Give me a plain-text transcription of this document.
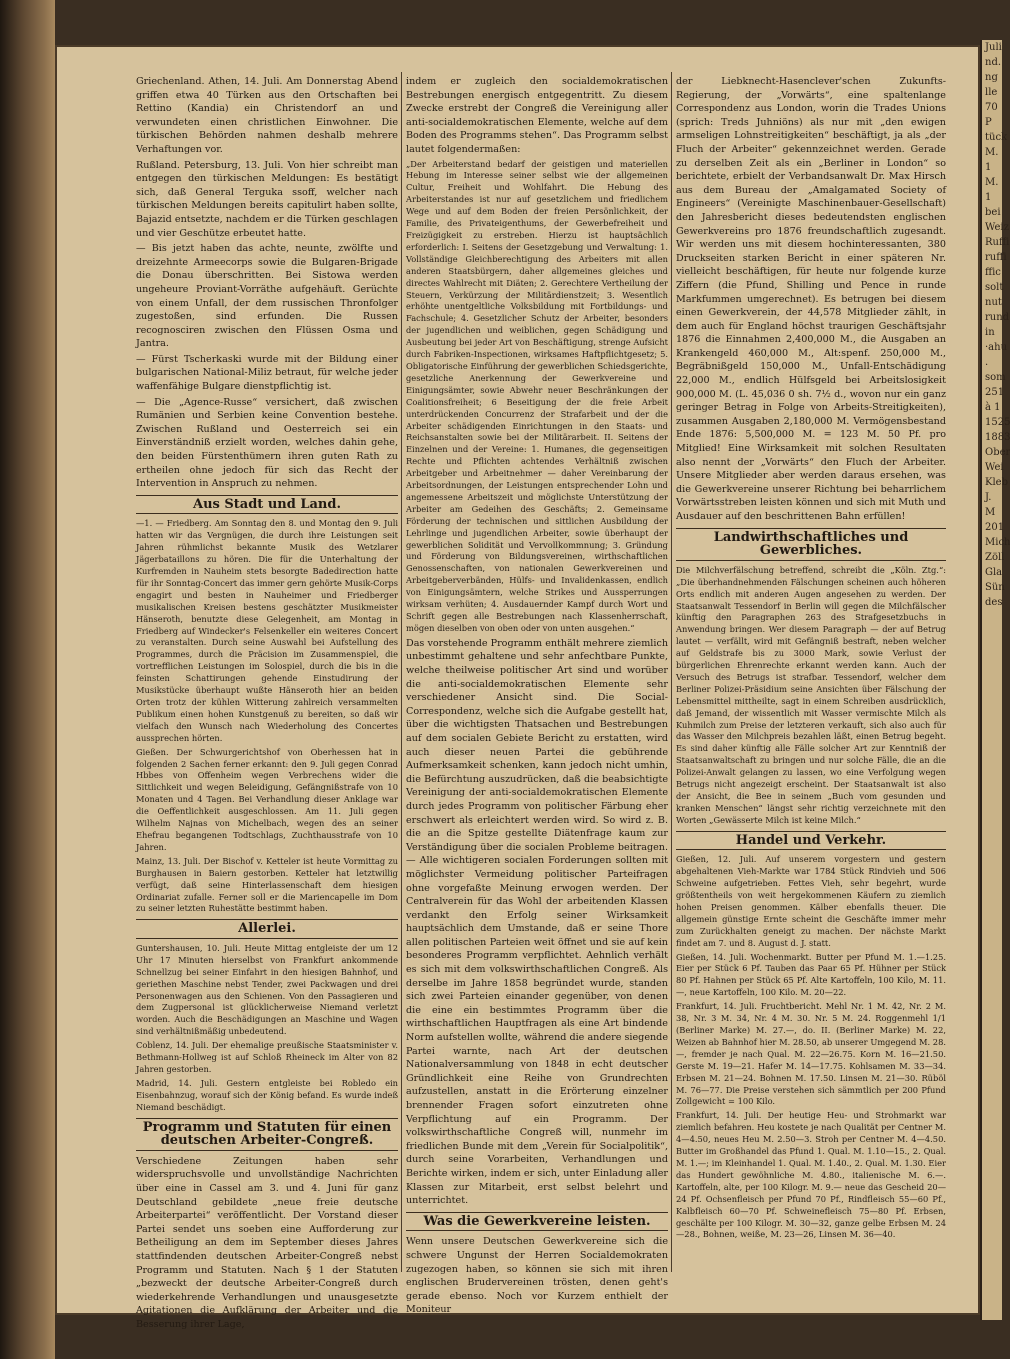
Juli
nd.
ng
lle
70 P
tück
M. 1
M. 1
bei
Weiz
Ruffi
ruffi
ffic
solt
nut
rund
in
·ahu
.
som
251
à 1
1525
1883
Ober
Wei
Kleb
J.
M
201
Mich
Zöll
Gla
Sün
des

Griechenland. Athen, 14. Juli. Am Donnerstag Abend griffen etwa 40 Türken aus den Ortschaften bei Rettino (Kandia) ein Christendorf an und verwundeten einen christlichen Einwohner. Die türkischen Behörden nahmen deshalb mehrere Verhaftungen vor.

Rußland. Petersburg, 13. Juli. Von hier schreibt man entgegen den türkischen Meldungen: Es bestätigt sich, daß General Terguka ssoff, welcher nach türkischen Meldungen bereits capitulirt haben sollte, Bajazid entsetzte, nachdem er die Türken geschlagen und vier Geschütze erbeutet hatte.

— Bis jetzt haben das achte, neunte, zwölfte und dreizehnte Armeecorps sowie die Bulgaren-Brigade die Donau überschritten. Bei Sistowa werden ungeheure Proviant-Vorräthe aufgehäuft. Gerüchte von einem Unfall, der dem russischen Thronfolger zugestoßen, sind erfunden. Die Russen recognosciren zwischen den Flüssen Osma und Jantra.

— Fürst Tscherkaski wurde mit der Bildung einer bulgarischen National-Miliz betraut, für welche jeder waffenfähige Bulgare dienstpflichtig ist.

— Die „Agence-Russe“ versichert, daß zwischen Rumänien und Serbien keine Convention bestehe. Zwischen Rußland und Oesterreich sei ein Einverständniß erzielt worden, welches dahin gehe, den beiden Fürstenthümern ihren guten Rath zu ertheilen ohne jedoch für sich das Recht der Intervention in Anspruch zu nehmen.

Aus Stadt und Land.

—1. — Friedberg. Am Sonntag den 8. und Montag den 9. Juli hatten wir das Vergnügen, die durch ihre Leistungen seit Jahren rühmlichst bekannte Musik des Wetzlarer Jägerbataillons zu hören. Die für die Unterhaltung der Kurfremden in Nauheim stets besorgte Badedirection hatte für ihr Sonntag-Concert das immer gern gehörte Musik-Corps engagirt und besten in Nauheimer und Friedberger musikalischen Kreisen bestens geschätzter Musikmeister Hänseroth, benutzte diese Gelegenheit, am Montag in Friedberg auf Windecker's Felsenkeller ein weiteres Concert zu veranstalten. Durch seine Auswahl bei Aufstellung des Programmes, durch die Präcision im Zusammenspiel, die vortrefflichen Leistungen im Solospiel, durch die bis in die feinsten Schattirungen gehende Einstudirung der Musikstücke überhaupt wußte Hänseroth hier an beiden Orten trotz der kühlen Witterung zahlreich versammelten Publikum einen hohen Kunstgenuß zu bereiten, so daß wir vielfach den Wunsch nach Wiederholung des Concertes aussprechen hörten.

Gießen. Der Schwurgerichtshof von Oberhessen hat in folgenden 2 Sachen ferner erkannt: den 9. Juli gegen Conrad Hbbes von Offenheim wegen Verbrechens wider die Sittlichkeit und wegen Beleidigung, Gefängnißstrafe von 10 Monaten und 4 Tagen. Bei Verhandlung dieser Anklage war die Oeffentlichkeit ausgeschlossen. Am 11. Juli gegen Wilhelm Najnas von Michelbach, wegen des an seiner Ehefrau begangenen Todtschlags, Zuchthausstrafe von 10 Jahren.

Mainz, 13. Juli. Der Bischof v. Ketteler ist heute Vormittag zu Burghausen in Baiern gestorben. Ketteler hat letztwillig verfügt, daß seine Hinterlassenschaft dem hiesigen Ordinariat zufalle. Ferner soll er die Mariencapelle im Dom zu seiner letzten Ruhestätte bestimmt haben.

Allerlei.

Guntershausen, 10. Juli. Heute Mittag entgleiste der um 12 Uhr 17 Minuten hierselbst von Frankfurt ankommende Schnellzug bei seiner Einfahrt in den hiesigen Bahnhof, und geriethen Maschine nebst Tender, zwei Packwagen und drei Personenwagen aus den Schienen. Von den Passagieren und dem Zugpersonal ist glücklicherweise Niemand verletzt worden. Auch die Beschädigungen an Maschine und Wagen sind verhältnißmäßig unbedeutend.

Coblenz, 14. Juli. Der ehemalige preußische Staatsminister v. Bethmann-Hollweg ist auf Schloß Rheineck im Alter von 82 Jahren gestorben.

Madrid, 14. Juli. Gestern entgleiste bei Robledo ein Eisenbahnzug, worauf sich der König befand. Es wurde indeß Niemand beschädigt.

Programm und Statuten für einen deutschen Arbeiter-Congreß.

Verschiedene Zeitungen haben sehr widerspruchsvolle und unvollständige Nachrichten über eine in Cassel am 3. und 4. Juni für ganz Deutschland gebildete „neue freie deutsche Arbeiterpartei“ veröffentlicht. Der Vorstand dieser Partei sendet uns soeben eine Aufforderung zur Betheiligung an dem im September dieses Jahres stattfindenden deutschen Arbeiter-Congreß nebst Programm und Statuten. Nach § 1 der Statuten „bezweckt der deutsche Arbeiter-Congreß durch wiederkehrende Verhandlungen und unausgesetzte Agitationen die Aufklärung der Arbeiter und die Besserung ihrer Lage,

indem er zugleich den socialdemokratischen Bestrebungen energisch entgegentritt. Zu diesem Zwecke erstrebt der Congreß die Vereinigung aller anti-socialdemokratischen Elemente, welche auf dem Boden des Programms stehen“. Das Programm selbst lautet folgendermaßen:

„Der Arbeiterstand bedarf der geistigen und materiellen Hebung im Interesse seiner selbst wie der allgemeinen Cultur, Freiheit und Wohlfahrt. Die Hebung des Arbeiterstandes ist nur auf gesetzlichem und friedlichem Wege und auf dem Boden der freien Persönlichkeit, der Familie, des Privateigenthums, der Gewerbefreiheit und Freizügigkeit zu erstreben. Hierzu ist hauptsächlich erforderlich: I. Seitens der Gesetzgebung und Verwaltung: 1. Vollständige Gleichberechtigung des Arbeiters mit allen anderen Staatsbürgern, daher allgemeines gleiches und directes Wahlrecht mit Diäten; 2. Gerechtere Vertheilung der Steuern, Verkürzung der Militärdienstzeit; 3. Wesentlich erhöhte unentgeltliche Volksbildung mit Fortbildungs- und Fachschule; 4. Gesetzlicher Schutz der Arbeiter, besonders der jugendlichen und weiblichen, gegen Schädigung und Ausbeutung bei jeder Art von Beschäftigung, strenge Aufsicht durch Fabriken-Inspectionen, wirksames Haftpflichtgesetz; 5. Obligatorische Einführung der gewerblichen Schiedsgerichte, gesetzliche Anerkennung der Gewerkvereine und Einigungsämter, sowie Abwehr neuer Beschränkungen der Coalitionsfreiheit; 6 Beseitigung der die freie Arbeit unterdrückenden Concurrenz der Strafarbeit und der die Arbeiter schädigenden Einrichtungen in den Staats- und Reichsanstalten sowie bei der Militärarbeit. II. Seitens der Einzelnen und der Vereine: 1. Humanes, die gegenseitigen Rechte und Pflichten achtendes Verhältniß zwischen Arbeitgeber und Arbeitnehmer — daher Vereinbarung der Arbeitsordnungen, der Leistungen entsprechender Lohn und angemessene Arbeitszeit und möglichste Unterstützung der Arbeiter am Gedeihen des Geschäfts; 2. Gemeinsame Förderung der technischen und sittlichen Ausbildung der Lehrlinge und jugendlichen Arbeiter, sowie überhaupt der gewerblichen Solidität und Vervollkommnung; 3. Gründung und Förderung von Bildungsvereinen, wirthschaftlichen Genossenschaften, von nationalen Gewerkvereinen und Arbeitgeberverbänden, Hülfs- und Invalidenkassen, endlich von Einigungsämtern, welche Strikes und Aussperrungen wirksam verhüten; 4. Ausdauernder Kampf durch Wort und Schrift gegen alle Bestrebungen nach Klassenherrschaft, mögen dieselben von oben oder von unten ausgehen.“

Das vorstehende Programm enthält mehrere ziemlich unbestimmt gehaltene und sehr anfechtbare Punkte, welche theilweise politischer Art sind und worüber die anti-socialdemokratischen Elemente sehr verschiedener Ansicht sind. Die Social-Correspondenz, welche sich die Aufgabe gestellt hat, über die wichtigsten Thatsachen und Bestrebungen auf dem socialen Gebiete Bericht zu erstatten, wird auch dieser neuen Partei die gebührende Aufmerksamkeit schenken, kann jedoch nicht umhin, die Befürchtung auszudrücken, daß die beabsichtigte Vereinigung der anti-socialdemokratischen Elemente durch jedes Programm von politischer Färbung eher erschwert als erleichtert werden wird. So wird z. B. die an die Spitze gestellte Diätenfrage kaum zur Verständigung über die socialen Probleme beitragen. — Alle wichtigeren socialen Forderungen sollten mit möglichster Vermeidung politischer Parteifragen ohne vorgefaßte Meinung erwogen werden. Der Centralverein für das Wohl der arbeitenden Klassen verdankt den Erfolg seiner Wirksamkeit hauptsächlich dem Umstande, daß er seine Thore allen politischen Parteien weit öffnet und sie auf kein besonderes Programm verpflichtet. Aehnlich verhält es sich mit dem volkswirthschaftlichen Congreß. Als derselbe im Jahre 1858 begründet wurde, standen sich zwei Parteien einander gegenüber, von denen die eine ein bestimmtes Programm über die wirthschaftlichen Hauptfragen als eine Art bindende Norm aufstellen wollte, während die andere siegende Partei warnte, nach Art der deutschen Nationalversammlung von 1848 in echt deutscher Gründlichkeit eine Reihe von Grundrechten aufzustellen, anstatt in die Erörterung einzelner brennender Fragen sofort einzutreten ohne Verpflichtung auf ein Programm. Der volkswirthschaftliche Congreß will, nunmehr im friedlichen Bunde mit dem „Verein für Socialpolitik“, durch seine Vorarbeiten, Verhandlungen und Berichte wirken, indem er sich, unter Einladung aller Klassen zur Mitarbeit, erst selbst belehrt und unterrichtet.

Was die Gewerkvereine leisten.

Wenn unsere Deutschen Gewerkvereine sich die schwere Ungunst der Herren Socialdemokraten zugezogen haben, so können sie sich mit ihren englischen Brudervereinen trösten, denen geht's gerade ebenso. Noch vor Kurzem enthielt der Moniteur

der Liebknecht-Hasenclever'schen Zukunfts-Regierung, der „Vorwärts“, eine spaltenlange Correspondenz aus London, worin die Trades Unions (sprich: Treds Juhniöns) als nur mit „den ewigen armseligen Lohnstreitigkeiten“ beschäftigt, ja als „der Fluch der Arbeiter“ gekennzeichnet werden. Gerade zu derselben Zeit als ein „Berliner in London“ so berichtete, erbielt der Verbandsanwalt Dr. Max Hirsch aus dem Bureau der „Amalgamated Society of Engineers“ (Vereinigte Maschinenbauer-Gesellschaft) den Jahresbericht dieses bedeutendsten englischen Gewerkvereins pro 1876 freundschaftlich zugesandt. Wir werden uns mit diesem hochinteressanten, 380 Druckseiten starken Bericht in einer späteren Nr. vielleicht beschäftigen, für heute nur folgende kurze Ziffern (die Pfund, Shilling und Pence in runde Markfummen umgerechnet). Es betrugen bei diesem einen Gewerkverein, der 44,578 Mitglieder zählt, in dem auch für England höchst traurigen Geschäftsjahr 1876 die Einnahmen 2,400,000 M., die Ausgaben an Krankengeld 460,000 M., Alt:spenf. 250,000 M., Begräbnißgeld 150,000 M., Unfall-Entschädigung 22,000 M., endlich Hülfsgeld bei Arbeitslosigkeit 900,000 M. (L. 45,036 0 sh. 7½ d., wovon nur ein ganz geringer Betrag in Folge von Arbeits-Streitigkeiten), zusammen Ausgaben 2,180,000 M. Vermögensbestand Ende 1876: 5,500,000 M. = 123 M. 50 Pf. pro Mitglied! Eine Wirksamkeit mit solchen Resultaten also nennt der „Vorwärts“ den Fluch der Arbeiter. Unsere Mitglieder aber werden daraus ersehen, was die Gewerkvereine unserer Richtung bei beharrlichem Vorwärtsstreben leisten können und sich mit Muth und Ausdauer auf den beschrittenen Bahn erfüllen!

Landwirthschaftliches und Gewerbliches.

Die Milchverfälschung betreffend, schreibt die „Köln. Ztg.“: „Die überhandnehmenden Fälschungen scheinen auch höheren Orts endlich mit anderen Augen angesehen zu werden. Der Staatsanwalt Tessendorf in Berlin will gegen die Milchfälscher künftig den Paragraphen 263 des Strafgesetzbuchs in Anwendung bringen. Wer diesem Paragraph — der auf Betrug lautet — verfällt, wird mit Gefängniß bestraft, neben welcher auf Geldstrafe bis zu 3000 Mark, sowie Verlust der bürgerlichen Ehrenrechte erkannt werden kann. Auch der Versuch des Betrugs ist strafbar. Tessendorf, welcher dem Berliner Polizei-Präsidium seine Ansichten über Fälschung der Lebensmittel mittheilte, sagt in einem Schreiben ausdrücklich, daß Jemand, der wissentlich mit Wasser vermischte Milch als Kuhmilch zum Preise der letzteren verkauft, sich also auch für das Wasser den Milchpreis bezahlen läßt, einen Betrug begeht. Es sind daher künftig alle Fälle solcher Art zur Kenntniß der Staatsanwaltschaft zu bringen und nur solche Fälle, die an die Polizei-Anwalt gelangen zu lassen, wo eine Verfolgung wegen Betrugs nicht angezeigt erscheint. Der Staatsanwalt ist also der Ansicht, die Bee in seinem „Buch vom gesunden und kranken Menschen“ längst sehr richtig verzeichnete mit den Worten „Gewässerte Milch ist keine Milch.“

Handel und Verkehr.

Gießen, 12. Juli. Auf unserem vorgestern und gestern abgehaltenen Vieh-Markte war 1784 Stück Rindvieh und 506 Schweine aufgetrieben. Fettes Vieh, sehr begehrt, wurde größtentheils von weit hergekommenen Käufern zu ziemlich hohen Preisen genommen. Kälber ebenfalls theuer. Die allgemein günstige Ernte scheint die Geschäfte immer mehr zum Zurückhalten geneigt zu machen. Der nächste Markt findet am 7. und 8. August d. J. statt.

Gießen, 14. Juli. Wochenmarkt. Butter per Pfund M. 1.—1.25. Eier per Stück 6 Pf. Tauben das Paar 65 Pf. Hühner per Stück 80 Pf. Hahnen per Stück 65 Pf. Alte Kartoffeln, 100 Kilo, M. 11.—, neue Kartoffeln, 100 Kilo. M. 20—22.

Frankfurt, 14. Juli. Fruchtbericht. Mehl Nr. 1 M. 42, Nr. 2 M. 38, Nr. 3 M. 34, Nr. 4 M. 30. Nr. 5 M. 24. Roggenmehl 1/1 (Berliner Marke) M. 27.—, do. II. (Berliner Marke) M. 22, Weizen ab Bahnhof hier M. 28.50, ab unserer Umgegend M. 28.—, fremder je nach Qual. M. 22—26.75. Korn M. 16—21.50. Gerste M. 19—21. Hafer M. 14—17.75. Kohlsamen M. 33—34. Erbsen M. 21—24. Bohnen M. 17.50. Linsen M. 21—30. Rüböl M. 76—77. Die Preise verstehen sich sämmtlich per 200 Pfund Zollgewicht = 100 Kilo.

Frankfurt, 14. Juli. Der heutige Heu- und Strohmarkt war ziemlich befahren. Heu kostete je nach Qualität per Centner M. 4—4.50, neues Heu M. 2.50—3. Stroh per Centner M. 4—4.50. Butter im Großhandel das Pfund 1. Qual. M. 1.10—15., 2. Qual. M. 1.—; im Kleinhandel 1. Qual. M. 1.40., 2. Qual. M. 1.30. Eier das Hundert gewöhnliche M. 4.80., italienische M. 6.—. Kartoffeln, alte, per 100 Kilogr. M. 9.— neue das Gescheid 20—24 Pf. Ochsenfleisch per Pfund 70 Pf., Rindfleisch 55—60 Pf., Kalbfleisch 60—70 Pf. Schweinefleisch 75—80 Pf. Erbsen, geschälte per 100 Kilogr. M. 30—32, ganze gelbe Erbsen M. 24—28., Bohnen, weiße, M. 23—26, Linsen M. 36—40.
